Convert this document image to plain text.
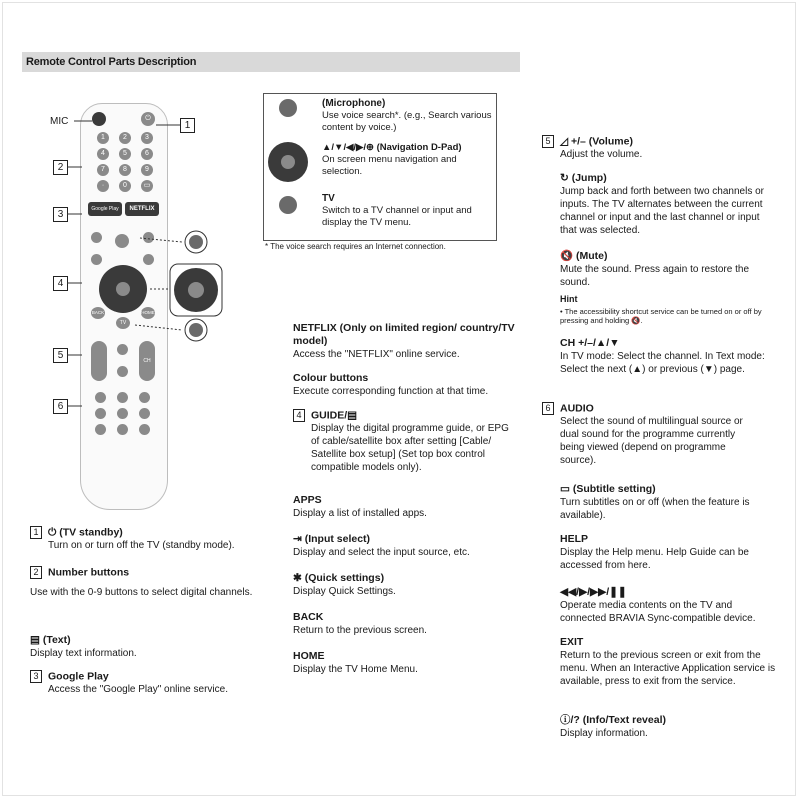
Remote Control Parts Description
MIC	⏻
1	2	3
4	5	6
7	8	9
·	0	▭
Google Play	NETFLIX
BACK	HOME
TV
CH
1
2
3
4
5
6
(Microphone)
Use voice search*. (e.g., Search various content by voice.)
▲/▼/◀/▶/⊕ (Navigation D-Pad)
On screen menu navigation and selection.
TV
Switch to a TV channel or input and display the TV menu.
* The voice search requires an Internet connection.
1 ⏻ (TV standby)
Turn on or turn off the TV (standby mode).
2 Number buttons
Use with the 0-9 buttons to select digital channels.
▤ (Text)
Display text information.
3 Google Play
Access the "Google Play" online service.
NETFLIX (Only on limited region/ country/TV model)
Access the "NETFLIX" online service.
Colour buttons
Execute corresponding function at that time.
4 GUIDE/▤
Display the digital programme guide, or EPG of cable/satellite box after setting [Cable/ Satellite box setup] (Set top box control compatible models only).
APPS
Display a list of installed apps.
⇥ (Input select)
Display and select the input source, etc.
✱ (Quick settings)
Display Quick Settings.
BACK
Return to the previous screen.
HOME
Display the TV Home Menu.
5 ◿ +/– (Volume)
Adjust the volume.
↻ (Jump)
Jump back and forth between two channels or inputs. The TV alternates between the current channel or input and the last channel or input that was selected.
🔇 (Mute)
Mute the sound. Press again to restore the sound.
Hint
• The accessibility shortcut service can be turned on or off by pressing and holding 🔇.
CH +/–/▲/▼
In TV mode: Select the channel. In Text mode: Select the next (▲) or previous (▼) page.
6 AUDIO
Select the sound of multilingual source or dual sound for the programme currently being viewed (depend on programme source).
▭ (Subtitle setting)
Turn subtitles on or off (when the feature is available).
HELP
Display the Help menu. Help Guide can be accessed from here.
◀◀/▶/▶▶/❚❚
Operate media contents on the TV and connected BRAVIA Sync-compatible device.
EXIT
Return to the previous screen or exit from the menu. When an Interactive Application service is available, press to exit from the service.
ⓘ/? (Info/Text reveal)
Display information.
